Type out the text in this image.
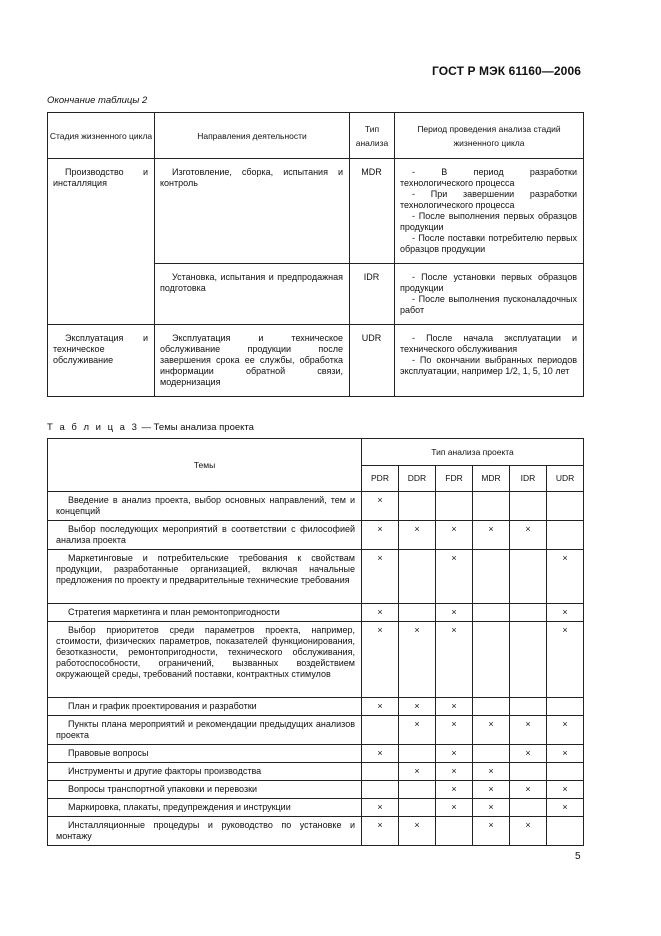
ГОСТ Р МЭК 61160—2006
Окончание таблицы 2
Стадия жизненного цикла	Направления деятельности	Тип анализа	Период проведения анализа стадий жизненного цикла
Производство и инсталляция	Изготовление, сборка, испытания и контроль	MDR	- В период разработки технологического процесса
- При завершении разработки технологического процесса
- После выполнения первых образцов продукции
- После поставки потребителю первых образцов продукции

	Установка, испытания и предпродажная подготовка	IDR	- После установки первых образцов продукции
- После выполнения пусконаладочных работ

Эксплуатация и техническое обслуживание	Эксплуатация и техническое обслуживание продукции после завершения срока ее службы, обработка информации обратной связи, модернизация	UDR	- После начала эксплуатации и технического обслуживания
- По окончании выбранных периодов эксплуатации, например 1/2, 1, 5, 10 лет
Т а б л и ц а 3 — Темы анализа проекта
Темы	Тип анализа проекта					
	PDR	DDR	FDR	MDR	IDR	UDR

Введение в анализ проекта, выбор основных направлений, тем и концепций	×					

Выбор последующих мероприятий в соответствии с философией анализа проекта	×	×	×	×	×	

Маркетинговые и потребительские требования к свойствам продукции, разработанные организацией, включая начальные предложения по проекту и предварительные технические требования	×		×			×

Стратегия маркетинга и план ремонтопригодности	×		×			×

Выбор приоритетов среди параметров проекта, например, стоимости, физических параметров, показателей функционирования, безотказности, ремонтопригодности, технического обслуживания, работоспособности, ограничений, вызванных воздействием окружающей среды, требований поставки, контрактных стимулов	×	×	×			×

План и график проектирования и разработки	×	×	×			

Пункты плана мероприятий и рекомендации предыдущих анализов проекта		×	×	×	×	×

Правовые вопросы	×		×		×	×

Инструменты и другие факторы производства		×	×	×		

Вопросы транспортной упаковки и перевозки			×	×	×	×

Маркировка, плакаты, предупреждения и инструкции	×		×	×		×

Инсталляционные процедуры и руководство по установке и монтажу	×	×		×	×	
5
